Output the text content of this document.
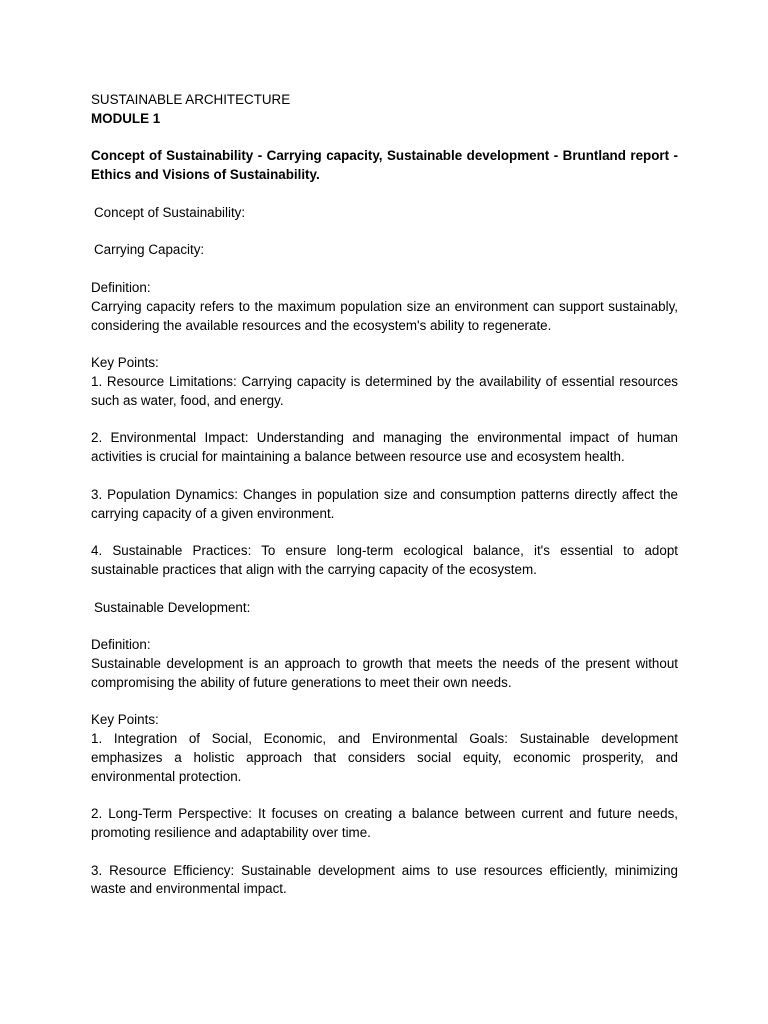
SUSTAINABLE ARCHITECTURE

MODULE 1

Concept of Sustainability - Carrying capacity, Sustainable development - Bruntland report - Ethics and Visions of Sustainability.

Concept of Sustainability:

Carrying Capacity:

Definition:

Carrying capacity refers to the maximum population size an environment can support sustainably, considering the available resources and the ecosystem's ability to regenerate.

Key Points:

1. Resource Limitations: Carrying capacity is determined by the availability of essential resources such as water, food, and energy.

2. Environmental Impact: Understanding and managing the environmental impact of human activities is crucial for maintaining a balance between resource use and ecosystem health.

3. Population Dynamics: Changes in population size and consumption patterns directly affect the carrying capacity of a given environment.

4. Sustainable Practices: To ensure long-term ecological balance, it's essential to adopt sustainable practices that align with the carrying capacity of the ecosystem.

Sustainable Development:

Definition:

Sustainable development is an approach to growth that meets the needs of the present without compromising the ability of future generations to meet their own needs.

Key Points:

1. Integration of Social, Economic, and Environmental Goals: Sustainable development emphasizes a holistic approach that considers social equity, economic prosperity, and environmental protection.

2. Long-Term Perspective: It focuses on creating a balance between current and future needs, promoting resilience and adaptability over time.

3. Resource Efficiency: Sustainable development aims to use resources efficiently, minimizing waste and environmental impact.
